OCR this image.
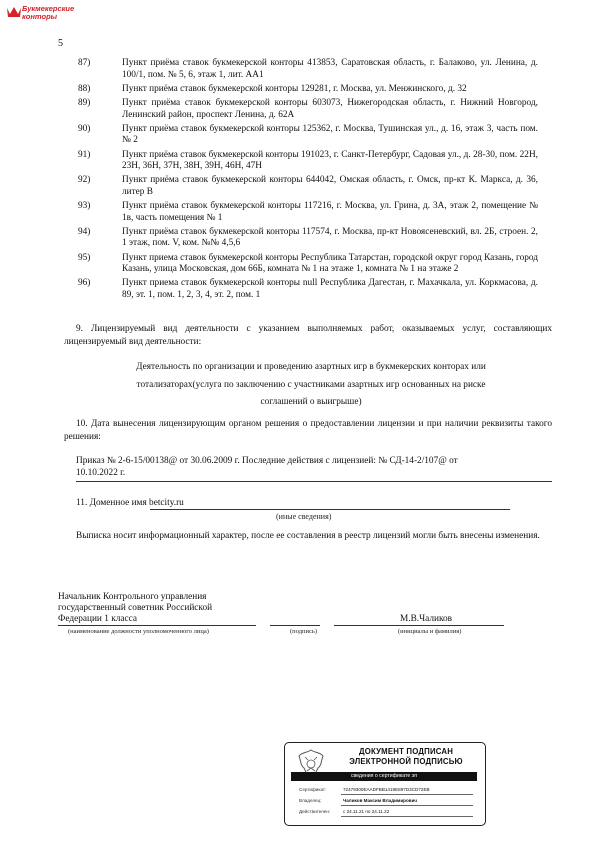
Букмекерские
конторы
5
87)	Пункт приёма ставок букмекерской конторы 413853, Саратовская область, г. Балаково, ул. Ленина, д. 100/1, пом. № 5, 6, этаж 1, лит. АА1
88)	Пункт приёма ставок букмекерской конторы 129281, г. Москва, ул. Менжинского, д. 32
89)	Пункт приёма ставок букмекерской конторы 603073, Нижегородская область, г. Нижний Новгород, Ленинский район, проспект Ленина, д. 62А
90)	Пункт приёма ставок букмекерской конторы 125362, г. Москва, Тушинская ул., д. 16, этаж 3, часть пом. № 2
91)	Пункт приёма ставок букмекерской конторы 191023, г. Санкт-Петербург, Садовая ул., д. 28-30, пом. 22Н, 23Н, 36Н, 37Н, 38Н, 39Н, 46Н, 47Н
92)	Пункт приёма ставок букмекерской конторы 644042, Омская область, г. Омск, пр-кт К. Маркса, д. 36, литер В
93)	Пункт приёма ставок букмекерской конторы 117216, г. Москва, ул. Грина, д. 3А, этаж 2, помещение № 1в, часть помещения № 1
94)	Пункт приёма ставок букмекерской конторы 117574, г. Москва, пр-кт Новоясеневский, вл. 2Б, строен. 2, 1 этаж, пом. V, ком. №№ 4,5,6
95)	Пункт приема ставок букмекерской конторы Республика Татарстан, городской округ город Казань, город Казань, улица Московская, дом 66Б, комната № 1 на этаже 1, комната № 1 на этаже 2
96)	Пункт приема ставок букмекерской конторы null Республика Дагестан, г. Махачкала, ул. Коркмасова, д. 89, эт. 1, пом. 1, 2, 3, 4, эт. 2, пом. 1
9. Лицензируемый вид деятельности с указанием выполняемых работ, оказываемых услуг, составляющих лицензируемый вид деятельности:
Деятельность по организации и проведению азартных игр в букмекерских конторах или
тотализаторах(услуга по заключению с участниками азартных игр основанных на риске
соглашений о выигрыше)
10. Дата вынесения лицензирующим органом решения о предоставлении лицензии и при наличии реквизиты такого решения:
Приказ № 2-6-15/00138@ от 30.06.2009 г. Последние действия с лицензией: № СД-14-2/107@ от
10.10.2022 г.
11. Доменное имя betcity.ru
(иные сведения)
Выписка носит информационный характер, после ее составления в реестр лицензий могли быть внесены изменения.
Начальник Контрольного управления
государственный советник Российской
Федерации 1 класса	М.В.Чаликов
(наименование должности уполномоченного лица)	(подпись)	(инициалы и фамилия)
ДОКУМЕНТ ПОДПИСАН
ЭЛЕКТРОННОЙ ПОДПИСЬЮ
сведения о сертификате эп
Сертификат:	72479300EAADFBB1419E897D3CD72EB
Владелец:	Чаликов Максим Владимирович
Действителен:	с 24.11.21 по 24.11.22
